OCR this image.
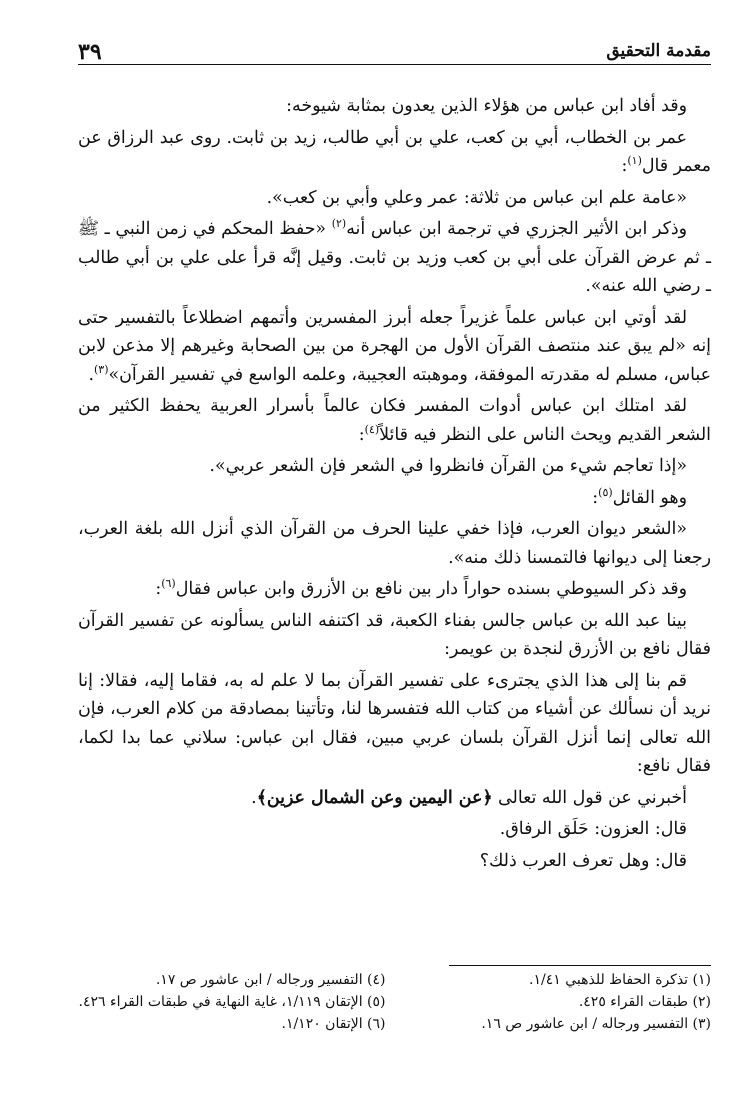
مقدمة التحقيق
٣٩

وقد أفاد ابن عباس من هؤلاء الذين يعدون بمثابة شيوخه:

عمر بن الخطاب، أبي بن كعب، علي بن أبي طالب، زيد بن ثابت. روى عبد الرزاق عن معمر قال$^{(١)}$:

«عامة علم ابن عباس من ثلاثة: عمر وعلي وأبي بن كعب».

وذكر ابن الأثير الجزري في ترجمة ابن عباس أنه$^{(٢)}$ «حفظ المحكم في زمن النبي ـ ﷺ ـ ثم عرض القرآن على أبي بن كعب وزيد بن ثابت. وقيل إنَّه قرأ على علي بن أبي طالب ـ رضي الله عنه».

لقد أوتي ابن عباس علماً غزيراً جعله أبرز المفسرين وأتمهم اضطلاعاً بالتفسير حتى إنه «لم يبق عند منتصف القرآن الأول من الهجرة من بين الصحابة وغيرهم إلا مذعن لابن عباس، مسلم له مقدرته الموفقة، وموهبته العجيبة، وعلمه الواسع في تفسير القرآن»$^{(٣)}$.

لقد امتلك ابن عباس أدوات المفسر فكان عالماً بأسرار العربية يحفظ الكثير من الشعر القديم ويحث الناس على النظر فيه قائلاً$^{(٤)}$:

«إذا تعاجم شيء من القرآن فانظروا في الشعر فإن الشعر عربي».

وهو القائل$^{(٥)}$:

«الشعر ديوان العرب، فإذا خفي علينا الحرف من القرآن الذي أنزل الله بلغة العرب، رجعنا إلى ديوانها فالتمسنا ذلك منه».

وقد ذكر السيوطي بسنده حواراً دار بين نافع بن الأزرق وابن عباس فقال$^{(٦)}$:

بينا عبد الله بن عباس جالس بفناء الكعبة، قد اكتنفه الناس يسألونه عن تفسير القرآن فقال نافع بن الأزرق لنجدة بن عويمر:

قم بنا إلى هذا الذي يجترىء على تفسير القرآن بما لا علم له به، فقاما إليه، فقالا: إنا نريد أن نسألك عن أشياء من كتاب الله فتفسرها لنا، وتأتينا بمصادقة من كلام العرب، فإن الله تعالى إنما أنزل القرآن بلسان عربي مبين، فقال ابن عباس: سلاني عما بدا لكما، فقال نافع:

أخبرني عن قول الله تعالى ﴿عن اليمين وعن الشمال عزين﴾.

قال: العزون: حَلَق الرفاق.

قال: وهل تعرف العرب ذلك؟

(١) تذكرة الحفاظ للذهبي ١/٤١.
(٢) طبقات القراء ٤٢٥.
(٣) التفسير ورجاله / ابن عاشور ص ١٦.
(٤) التفسير ورجاله / ابن عاشور ص ١٧.
(٥) الإتقان ١/١١٩، غاية النهاية في طبقات القراء ٤٢٦.
(٦) الإتقان ١/١٢٠.
